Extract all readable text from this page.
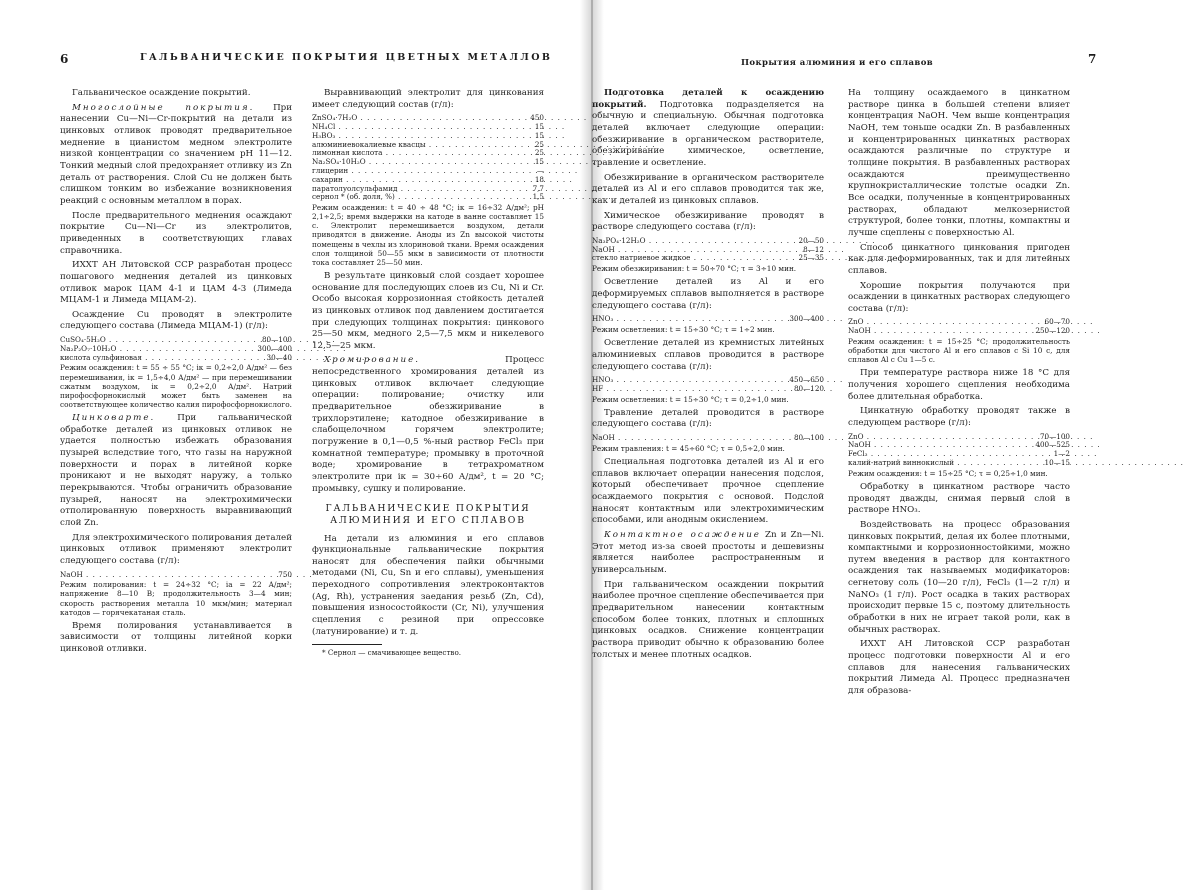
6	ГАЛЬВАНИЧЕСКИЕ ПОКРЫТИЯ ЦВЕТНЫХ МЕТАЛЛОВ

Гальваническое осаждение покрытий.

Многослойные покрытия. При нанесении Cu—Ni—Cr-покрытий на детали из цинковых отливок проводят предварительное меднение в цианистом медном электролите низкой концентрации со значением pH 11—12. Тонкий медный слой предохраняет отливку из Zn деталь от растворения. Слой Cu не должен быть слишком тонким во избежание возникновения реакций с основным металлом в порах.

После предварительного меднения осаждают покрытие Cu—Ni—Cr из электролитов, приведенных в соответствующих главах справочника.

ИХХТ АН Литовской ССР разработан процесс пошагового меднения деталей из цинковых отливок марок ЦАМ 4-1 и ЦАМ 4-3 (Лимеда МЦАМ-1 и Лимеда МЦАМ-2).

Осаждение Cu проводят в электролите следующего состава (Лимеда МЦАМ-1) (г/л):

CuSO₄·5H₂O . . .	80—100
Na₂P₂O₇·10H₂O . . .	300—400
кислота сульфиновая . . .	30—40

Режим осаждения: t = 55 ÷ 55 °C; iк = 0,2÷2,0 А/дм² — без перемешивания, iк = 1,5÷4,0 А/дм² — при перемешивании сжатым воздухом, iк = 0,2÷2,0 А/дм². Натрий пирофосфорнокислый может быть заменен на соответствующее количество калия пирофосфорнокислого.

Цинковарте.	При гальванической обработке деталей из цинковых отливок не удается полностью избежать образования пузырей вследствие того, что газы на наружной поверхности и порах в литейной корке проникают и не выходят наружу, а только перекрываются. Чтобы ограничить образование пузырей, наносят на электрохимически отполированную поверхность выравнивающий слой Zn.

Для электрохимического полирования деталей цинковых отливок применяют электролит следующего состава (г/л):

NaOH . . .	750

Режим полирования: t = 24÷32 °C; iа = 22 А/дм²; напряжение 8—10 В; продолжительность 3—4 мин; скорость растворения металла 10 мкм/мин; материал катодов — горячекатаная сталь.

Время полирования устанавливается в зависимости от толщины литейной корки цинковой отливки.

Выравнивающий электролит для цинкования имеет следующий состав (г/л):

ZnSO₄·7H₂O . . .	450
NH₄Cl . . .	15
H₃BO₃ . . .	15
алюминиевокалиевые квасцы . . .	25
лимонная кислота . . .	25
Na₂SO₄·10H₂O . . .	15
глицерин . . .	—
сахарин . . .	18
паратолуолсульфамид . . .	7,7
сернол * (об. доля, %) . . .	1,5

Режим осаждения: t = 40 ÷ 48 °C; iк = 16÷32 А/дм²; pH 2,1÷2,5; время выдержки на катоде в ванне составляет 15 с. Электролит перемешивается воздухом, детали приводятся в движение. Аноды из Zn высокой чистоты помещены в чехлы из хлориновой ткани. Время осаждения слоя толщиной 50—55 мкм в зависимости от плотности тока составляет 25—50 мин.

В результате цинковый слой создает хорошее основание для последующих слоев из Cu, Ni и Cr. Особо высокая коррозионная стойкость деталей из цинковых отливок под давлением достигается при следующих толщинах покрытия: цинкового 25—50 мкм, медного 2,5—7,5 мкм и никелевого 12,5—25 мкм.

Хромирование.	Процесс непосредственного хромирования деталей из цинковых отливок включает следующие операции: полирование; очистку или предварительное обезжиривание в трихлорэтилене; катодное обезжиривание в слабощелочном горячем электролите; погружение в 0,1—0,5 %-ный раствор FeCl₃ при комнатной температуре; промывку в проточной воде; хромирование в тетрахроматном электролите при iк = 30÷60 А/дм², t = 20 °C; промывку, сушку и полирование.

ГАЛЬВАНИЧЕСКИЕ ПОКРЫТИЯ АЛЮМИНИЯ И ЕГО СПЛАВОВ

На детали из алюминия и его сплавов функциональные гальванические покрытия наносят для обеспечения пайки обычными методами (Ni, Cu, Sn и его сплавы), уменьшения переходного сопротивления электроконтактов (Ag, Rh), устранения заедания резьб (Zn, Cd), повышения износостойкости (Cr, Ni), улучшения сцепления с резиной при опрессовке (латунирование) и т. д.

* Сернол — смачивающее вещество.

Покрытия алюминия и его сплавов	7

Подготовка деталей к осаждению покрытий. Подготовка подразделяется на обычную и специальную. Обычная подготовка деталей включает следующие операции: обезжиривание в органическом растворителе, обезжиривание химическое, осветление, травление и осветление.

Обезжиривание в органическом растворителе деталей из Al и его сплавов проводится так же, как и деталей из цинковых сплавов.

Химическое обезжиривание проводят в растворе следующего состава (г/л):

Na₃PO₄·12H₂O . . .	20—50
NaOH . . .	8—12
стекло натриевое жидкое . . .	25—35

Режим обезжиривания: t = 50÷70 °C; τ = 3÷10 мин.

Осветление деталей из Al и его деформируемых сплавов выполняется в растворе следующего состава (г/л):

HNO₃ . . .	300—400

Режим осветления: t = 15÷30 °C; τ = 1÷2 мин.

Осветление деталей из кремнистых литейных алюминиевых сплавов проводится в растворе следующего состава (г/л):

HNO₃ . . .	450—650
HF . . .	80—120

Режим осветления: t = 15÷30 °C; τ = 0,2÷1,0 мин.

Травление деталей проводится в растворе следующего состава (г/л):

NaOH . . .	80—100

Режим травления: t = 45÷60 °C; τ = 0,5÷2,0 мин.

Специальная подготовка деталей из Al и его сплавов включает операции нанесения подслоя, который обеспечивает прочное сцепление осаждаемого покрытия с основой. Подслой наносят контактным или электрохимическим способами, или анодным окислением.

Контактное осаждение Zn и Zn—Ni. Этот метод из-за своей простоты и дешевизны является наиболее распространенным и универсальным.

При гальваническом осаждении покрытий наиболее прочное сцепление обеспечивается при предварительном нанесении контактным способом более тонких, плотных и сплошных цинковых осадков. Снижение концентрации раствора приводит обычно к образованию более толстых и менее плотных осадков.

На толщину осаждаемого в цинкатном растворе цинка в большей степени влияет концентрация NaOH. Чем выше концентрация NaOH, тем тоньше осадки Zn. В разбавленных и концентрированных цинкатных растворах осаждаются различные по структуре и толщине покрытия. В разбавленных растворах осаждаются преимущественно крупнокристаллические толстые осадки Zn. Все осадки, полученные в концентрированных растворах, обладают мелкозернистой структурой, более тонки, плотны, компактны и лучше сцеплены с поверхностью Al.

Способ цинкатного цинкования пригоден как для деформированных, так и для литейных сплавов.

Хорошие покрытия получаются при осаждении в цинкатных растворах следующего состава (г/л):

ZnO . . .	60—70
NaOH . . .	250—120

Режим осаждения: t = 15÷25 °C; продолжительность обработки для чистого Al и его сплавов с Si 10 с, для сплавов Al с Cu 1—5 с.

При температуре раствора ниже 18 °C для получения хорошего сцепления необходима более длительная обработка.

Цинкатную обработку проводят также в следующем растворе (г/л):

ZnO . . .	70—100
NaOH . . .	400—525
FeCl₃ . . .	1—2
калий-натрий виннокислый . . .	10—15

Режим осаждения: t = 15÷25 °C; τ = 0,25÷1,0 мин.

Обработку в цинкатном растворе часто проводят дважды, снимая первый слой в растворе HNO₃.

Воздействовать на процесс образования цинковых покрытий, делая их более плотными, компактными и коррозионностойкими, можно путем введения в раствор для контактного осаждения так называемых модификаторов: сегнетову соль (10—20 г/л), FeCl₃ (1—2 г/л) и NaNO₃ (1 г/л). Рост осадка в таких растворах происходит первые 15 с, поэтому длительность обработки в них не играет такой роли, как в обычных растворах.

ИХХТ АН Литовской ССР разработан процесс подготовки поверхности Al и его сплавов для нанесения гальванических покрытий Лимеда Al. Процесс предназначен для образова-
